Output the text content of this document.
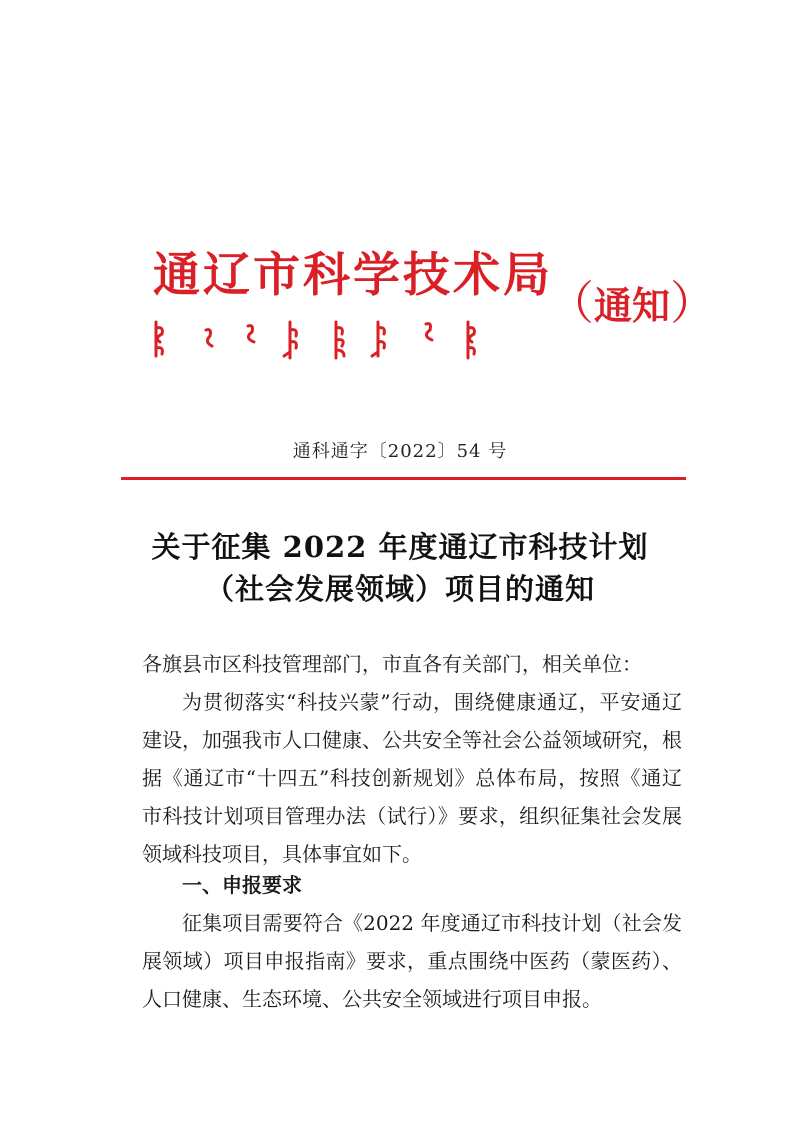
通辽市科学技术局
（通知）
通科通字〔2022〕54 号
关于征集 2022 年度通辽市科技计划
（社会发展领域）项目的通知
各旗县市区科技管理部门，市直各有关部门，相关单位：
为贯彻落实“科技兴蒙”行动，围绕健康通辽，平安通辽建设，加强我市人口健康、公共安全等社会公益领域研究，根据《通辽市“十四五”科技创新规划》总体布局，按照《通辽市科技计划项目管理办法（试行）》要求，组织征集社会发展领域科技项目，具体事宜如下。
一、申报要求
征集项目需要符合《2022 年度通辽市科技计划（社会发展领域）项目申报指南》要求，重点围绕中医药（蒙医药）、人口健康、生态环境、公共安全领域进行项目申报。
